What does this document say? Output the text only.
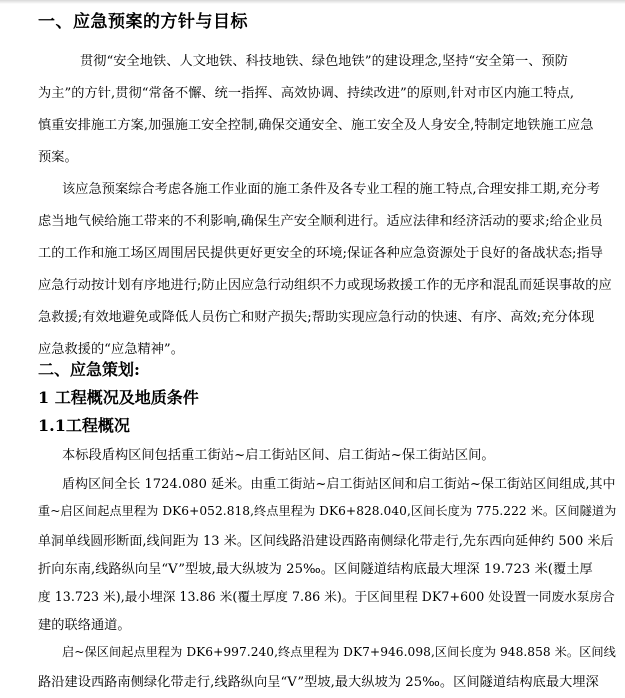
一、应急预案的方针与目标
贯彻“安全地铁、人文地铁、科技地铁、绿色地铁”的建设理念,坚持“安全第一、预防
为主”的方针,贯彻“常备不懈、统一指挥、高效协调、持续改进”的原则,针对市区内施工特点,
慎重安排施工方案,加强施工安全控制,确保交通安全、施工安全及人身安全,特制定地铁施工应急
预案。
该应急预案综合考虑各施工作业面的施工条件及各专业工程的施工特点,合理安排工期,充分考
虑当地气候给施工带来的不利影响,确保生产安全顺利进行。适应法律和经济活动的要求;给企业员
工的工作和施工场区周围居民提供更好更安全的环境;保证各种应急资源处于良好的备战状态;指导
应急行动按计划有序地进行;防止因应急行动组织不力或现场救援工作的无序和混乱而延误事故的应
急救援;有效地避免或降低人员伤亡和财产损失;帮助实现应急行动的快速、有序、高效;充分体现
应急救援的“应急精神”。
二、应急策划:
1 工程概况及地质条件
1.1工程概况
本标段盾构区间包括重工街站~启工街站区间、启工街站~保工街站区间。
盾构区间全长 1724.080 延米。由重工街站~启工街站区间和启工街站~保工街站区间组成,其中
重~启区间起点里程为 DK6+052.818,终点里程为 DK6+828.040,区间长度为 775.222 米。区间隧道为
单洞单线圆形断面,线间距为 13 米。区间线路沿建设西路南侧绿化带走行,先东西向延伸约 500 米后
折向东南,线路纵向呈“V”型坡,最大纵坡为 25‰。区间隧道结构底最大埋深 19.723 米(覆土厚
度 13.723 米),最小埋深 13.86 米(覆土厚度 7.86 米)。于区间里程 DK7+600 处设置一同废水泵房合
建的联络通道。
启~保区间起点里程为 DK6+997.240,终点里程为 DK7+946.098,区间长度为 948.858 米。区间线
路沿建设西路南侧绿化带走行,线路纵向呈“V”型坡,最大纵坡为 25‰。区间隧道结构底最大埋深
